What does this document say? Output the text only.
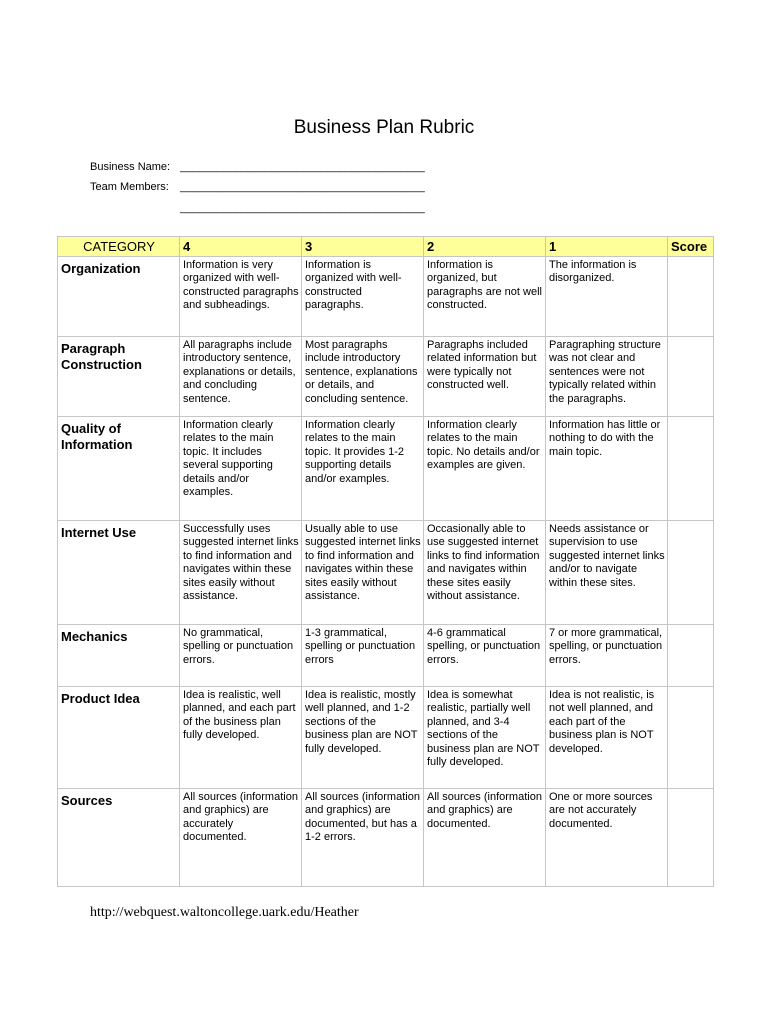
Business Plan Rubric
Business Name: ________________________________________
Team Members: ________________________________________
________________________________________
CATEGORY	4	3	2	1	Score
Organization	Information is very organized with well-constructed paragraphs and subheadings.	Information is organized with well-constructed paragraphs.	Information is organized, but paragraphs are not well constructed.	The information is disorganized.	
Paragraph Construction	All paragraphs include introductory sentence, explanations or details, and concluding sentence.	Most paragraphs include introductory sentence, explanations or details, and concluding sentence.	Paragraphs included related information but were typically not constructed well.	Paragraphing structure was not clear and sentences were not typically related within the paragraphs.	
Quality of Information	Information clearly relates to the main topic. It includes several supporting details and/or examples.	Information clearly relates to the main topic. It provides 1-2 supporting details and/or examples.	Information clearly relates to the main topic. No details and/or examples are given.	Information has little or nothing to do with the main topic.	
Internet Use	Successfully uses suggested internet links to find information and navigates within these sites easily without assistance.	Usually able to use suggested internet links to find information and navigates within these sites easily without assistance.	Occasionally able to use suggested internet links to find information and navigates within these sites easily without assistance.	Needs assistance or supervision to use suggested internet links and/or to navigate within these sites.	
Mechanics	No grammatical, spelling or punctuation errors.	1-3 grammatical, spelling or punctuation errors	4-6 grammatical spelling, or punctuation errors.	7 or more grammatical, spelling, or punctuation errors.	
Product Idea	Idea is realistic, well planned, and each part of the business plan fully developed.	Idea is realistic, mostly well planned, and 1-2 sections of the business plan are NOT fully developed.	Idea is somewhat realistic, partially well planned, and 3-4 sections of the business plan are NOT fully developed.	Idea is not realistic, is not well planned, and each part of the business plan is NOT developed.	
Sources	All sources (information and graphics) are accurately documented.	All sources (information and graphics) are documented, but has a 1-2 errors.	All sources (information and graphics) are documented.	One or more sources are not accurately documented.	
http://webquest.waltoncollege.uark.edu/Heather
